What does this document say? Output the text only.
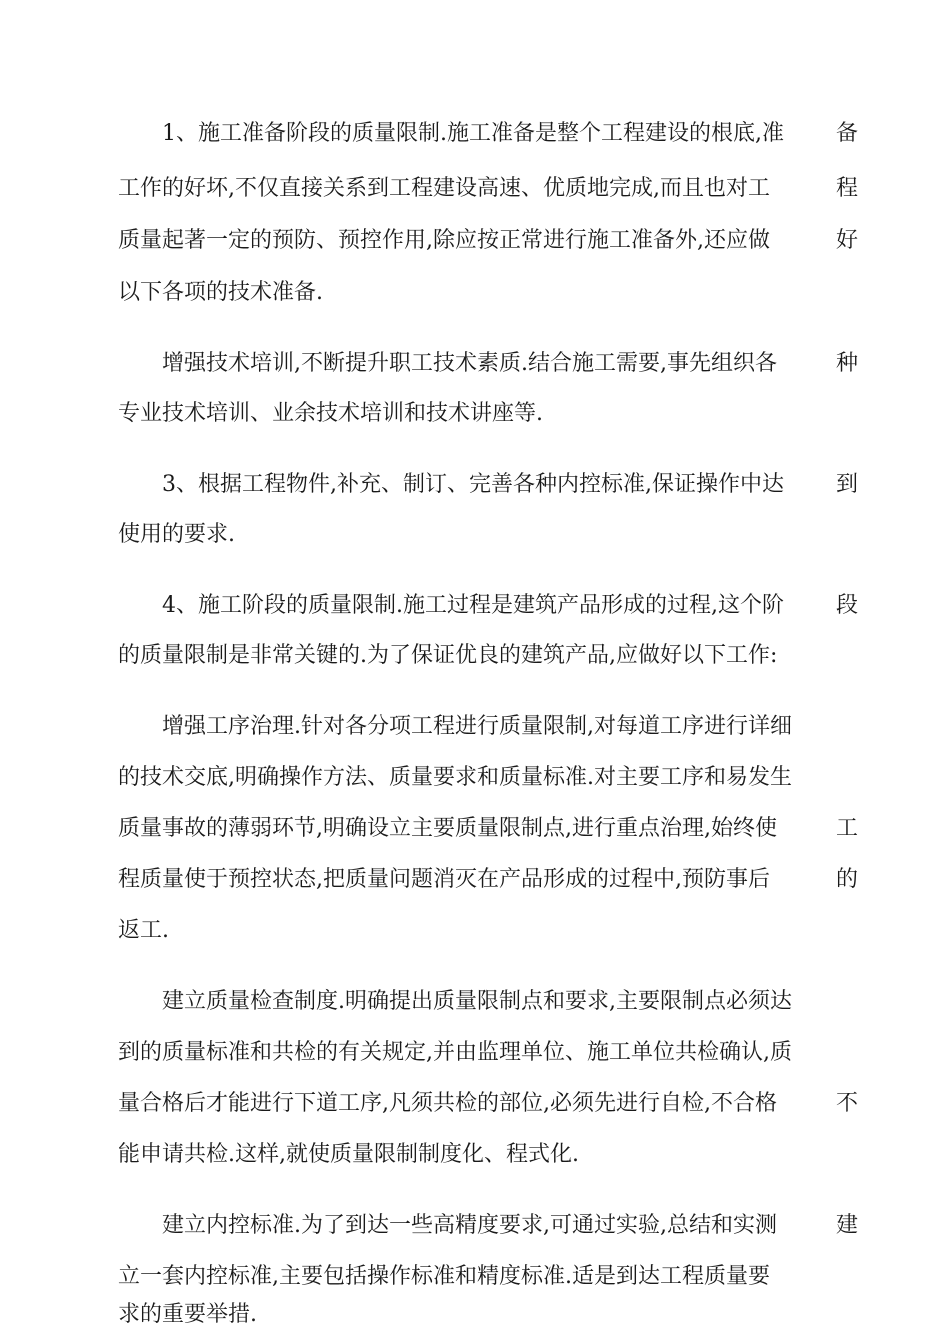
1、施工准备阶段的质量限制.施工准备是整个工程建设的根底,准 备
工作的好坏,不仅直接关系到工程建设高速、优质地完成,而且也对工	程
质量起著一定的预防、预控作用,除应按正常进行施工准备外,还应做	好
以下各项的技术准备.
增强技术培训,不断提升职工技术素质.结合施工需要,事先组织各	种
专业技术培训、业余技术培训和技术讲座等.
3、根据工程物件,补充、制订、完善各种内控标准,保证操作中达 到
使用的要求.
4、施工阶段的质量限制.施工过程是建筑产品形成的过程,这个阶 段
的质量限制是非常关键的.为了保证优良的建筑产品,应做好以下工作:
增强工序治理.针对各分项工程进行质量限制,对每道工序进行详细
的技术交底,明确操作方法、质量要求和质量标准.对主要工序和易发生
质量事故的薄弱环节,明确设立主要质量限制点,进行重点治理,始终使	工
程质量使于预控状态,把质量问题消灭在产品形成的过程中,预防事后	的
返工.
建立质量检查制度.明确提出质量限制点和要求,主要限制点必须达
到的质量标准和共检的有关规定,并由监理单位、施工单位共检确认,质
量合格后才能进行下道工序,凡须共检的部位,必须先进行自检,不合格	不
能申请共检.这样,就使质量限制制度化、程式化.
建立内控标准.为了到达一些高精度要求,可通过实验,总结和实测	建
立一套内控标准,主要包括操作标准和精度标准.适是到达工程质量要
求的重要举措.
